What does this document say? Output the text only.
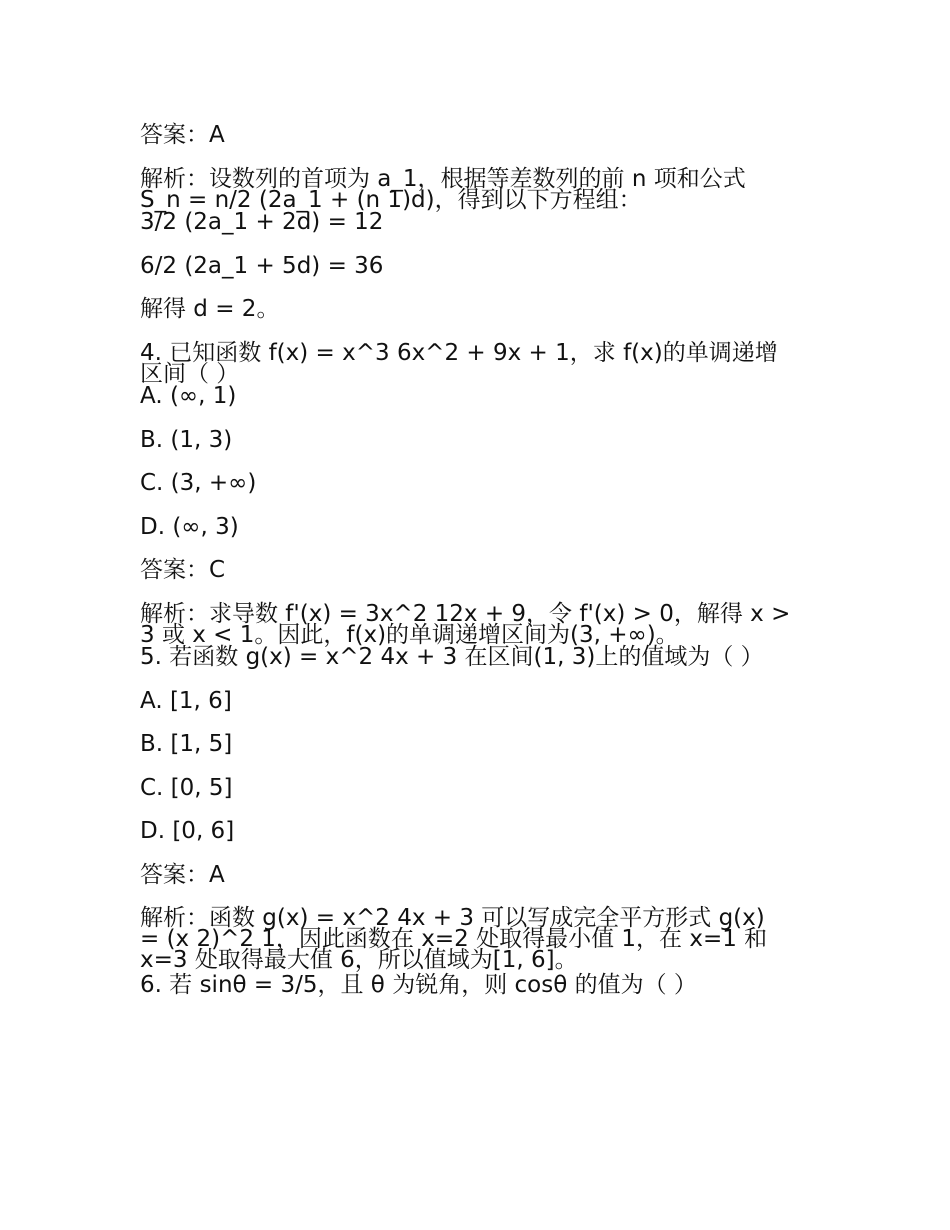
答案：A
解析：设数列的首项为 a_1，根据等差数列的前 n 项和公式
S_n = n/2 (2a_1 + (n 1)d)，得到以下方程组：
3/2 (2a_1 + 2d) = 12
6/2 (2a_1 + 5d) = 36
解得 d = 2。
4. 已知函数 f(x) = x^3 6x^2 + 9x + 1，求 f(x)的单调递增
区间（ ）
A. (∞, 1)
B. (1, 3)
C. (3, +∞)
D. (∞, 3)
答案：C
解析：求导数 f'(x) = 3x^2 12x + 9，令 f'(x) > 0，解得 x >
3 或 x < 1。因此，f(x)的单调递增区间为(3, +∞)。
5. 若函数 g(x) = x^2 4x + 3 在区间(1, 3)上的值域为（ ）
A. [1, 6]
B. [1, 5]
C. [0, 5]
D. [0, 6]
答案：A
解析：函数 g(x) = x^2 4x + 3 可以写成完全平方形式 g(x)
= (x 2)^2 1，因此函数在 x=2 处取得最小值 1，在 x=1 和
x=3 处取得最大值 6，所以值域为[1, 6]。
6. 若 sinθ = 3/5，且 θ 为锐角，则 cosθ 的值为（ ）
